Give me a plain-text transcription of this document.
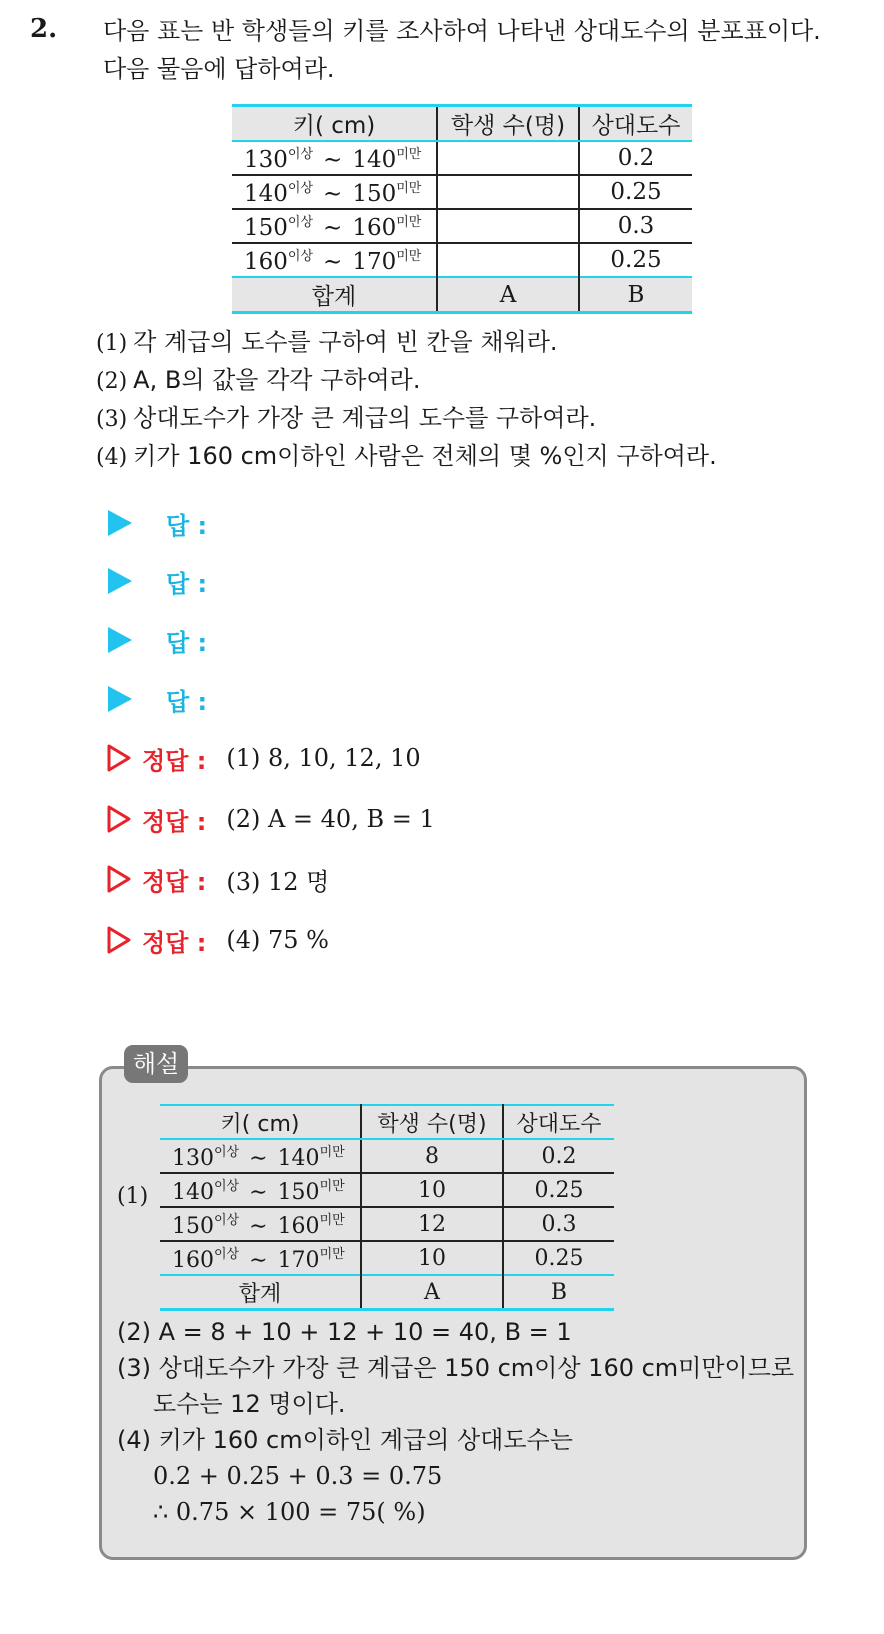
2. 다음 표는 반 학생들의 키를 조사하여 나타낸 상대도수의 분포표이다.
다음 물음에 답하여라.
키( cm)	학생 수(명)	상대도수
$130^{이상}$ ∼ $140^{미만}$		0.2
$140^{이상}$ ∼ $150^{미만}$		0.25
$150^{이상}$ ∼ $160^{미만}$		0.3
$160^{이상}$ ∼ $170^{미만}$		0.25
합계	A	B
(1) 각 계급의 도수를 구하여 빈 칸을 채워라.
(2) A, B의 값을 각각 구하여라.
(3) 상대도수가 가장 큰 계급의 도수를 구하여라.
(4) 키가 160 cm이하인 사람은 전체의 몇 %인지 구하여라.
답 :
답 :
답 :
답 :
정답 : (1) 8, 10, 12, 10
정답 : (2) A = 40, B = 1
정답 : (3) 12 명
정답 : (4) 75 %
해설
(1)
키( cm)	학생 수(명)	상대도수
$130^{이상}$ ∼ $140^{미만}$	8	0.2
$140^{이상}$ ∼ $150^{미만}$	10	0.25
$150^{이상}$ ∼ $160^{미만}$	12	0.3
$160^{이상}$ ∼ $170^{미만}$	10	0.25
합계	A	B
(2) A = 8 + 10 + 12 + 10 = 40, B = 1
(3) 상대도수가 가장 큰 계급은 150 cm이상 160 cm미만이므로
도수는 12 명이다.
(4) 키가 160 cm이하인 계급의 상대도수는
0.2 + 0.25 + 0.3 = 0.75
∴ 0.75 × 100 = 75( %)
